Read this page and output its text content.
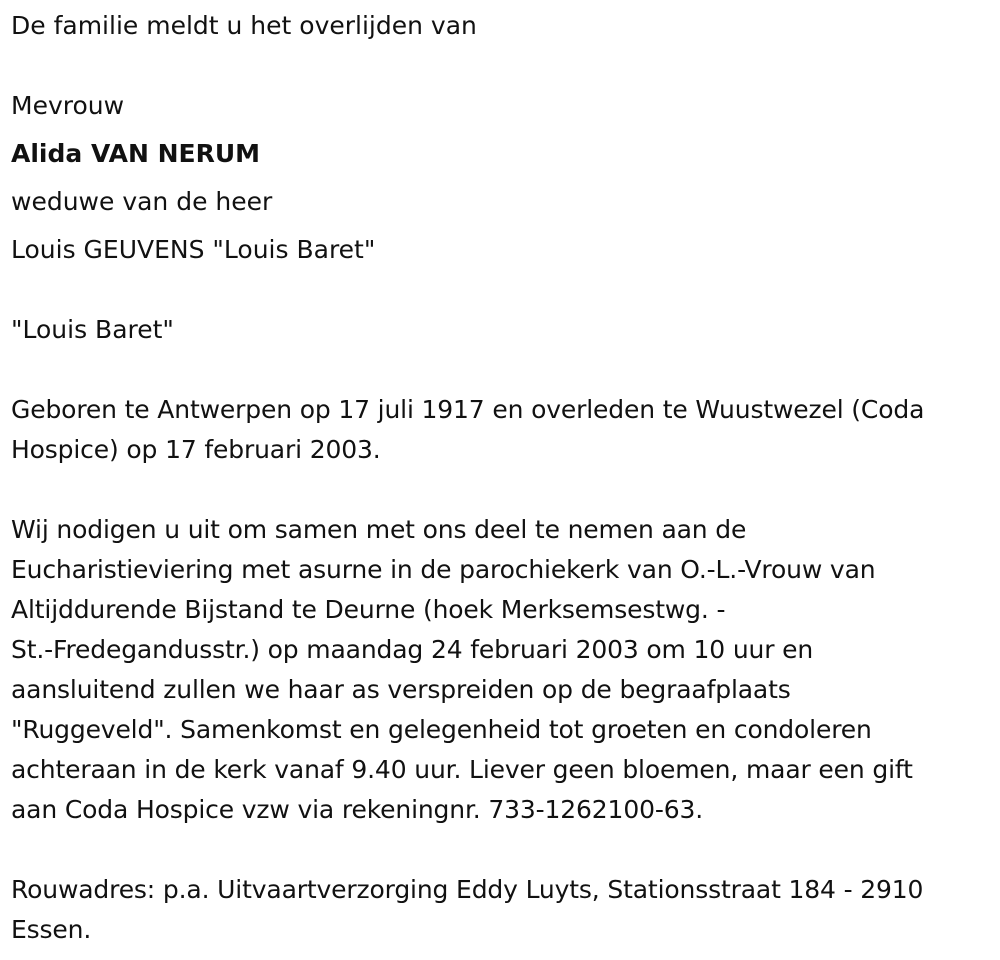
De familie meldt u het overlijden van

Mevrouw
Alida VAN NERUM
weduwe van de heer
Louis GEUVENS "Louis Baret"

"Louis Baret"

Geboren te Antwerpen op 17 juli 1917 en overleden te Wuustwezel (Coda
Hospice) op 17 februari 2003.

Wij nodigen u uit om samen met ons deel te nemen aan de
Eucharistieviering met asurne in de parochiekerk van O.-L.-Vrouw van
Altijddurende Bijstand te Deurne (hoek Merksemsestwg. -
St.-Fredegandusstr.) op maandag 24 februari 2003 om 10 uur en
aansluitend zullen we haar as verspreiden op de begraafplaats
"Ruggeveld". Samenkomst en gelegenheid tot groeten en condoleren
achteraan in de kerk vanaf 9.40 uur. Liever geen bloemen, maar een gift
aan Coda Hospice vzw via rekeningnr. 733-1262100-63.

Rouwadres: p.a. Uitvaartverzorging Eddy Luyts, Stationsstraat 184 - 2910
Essen.
